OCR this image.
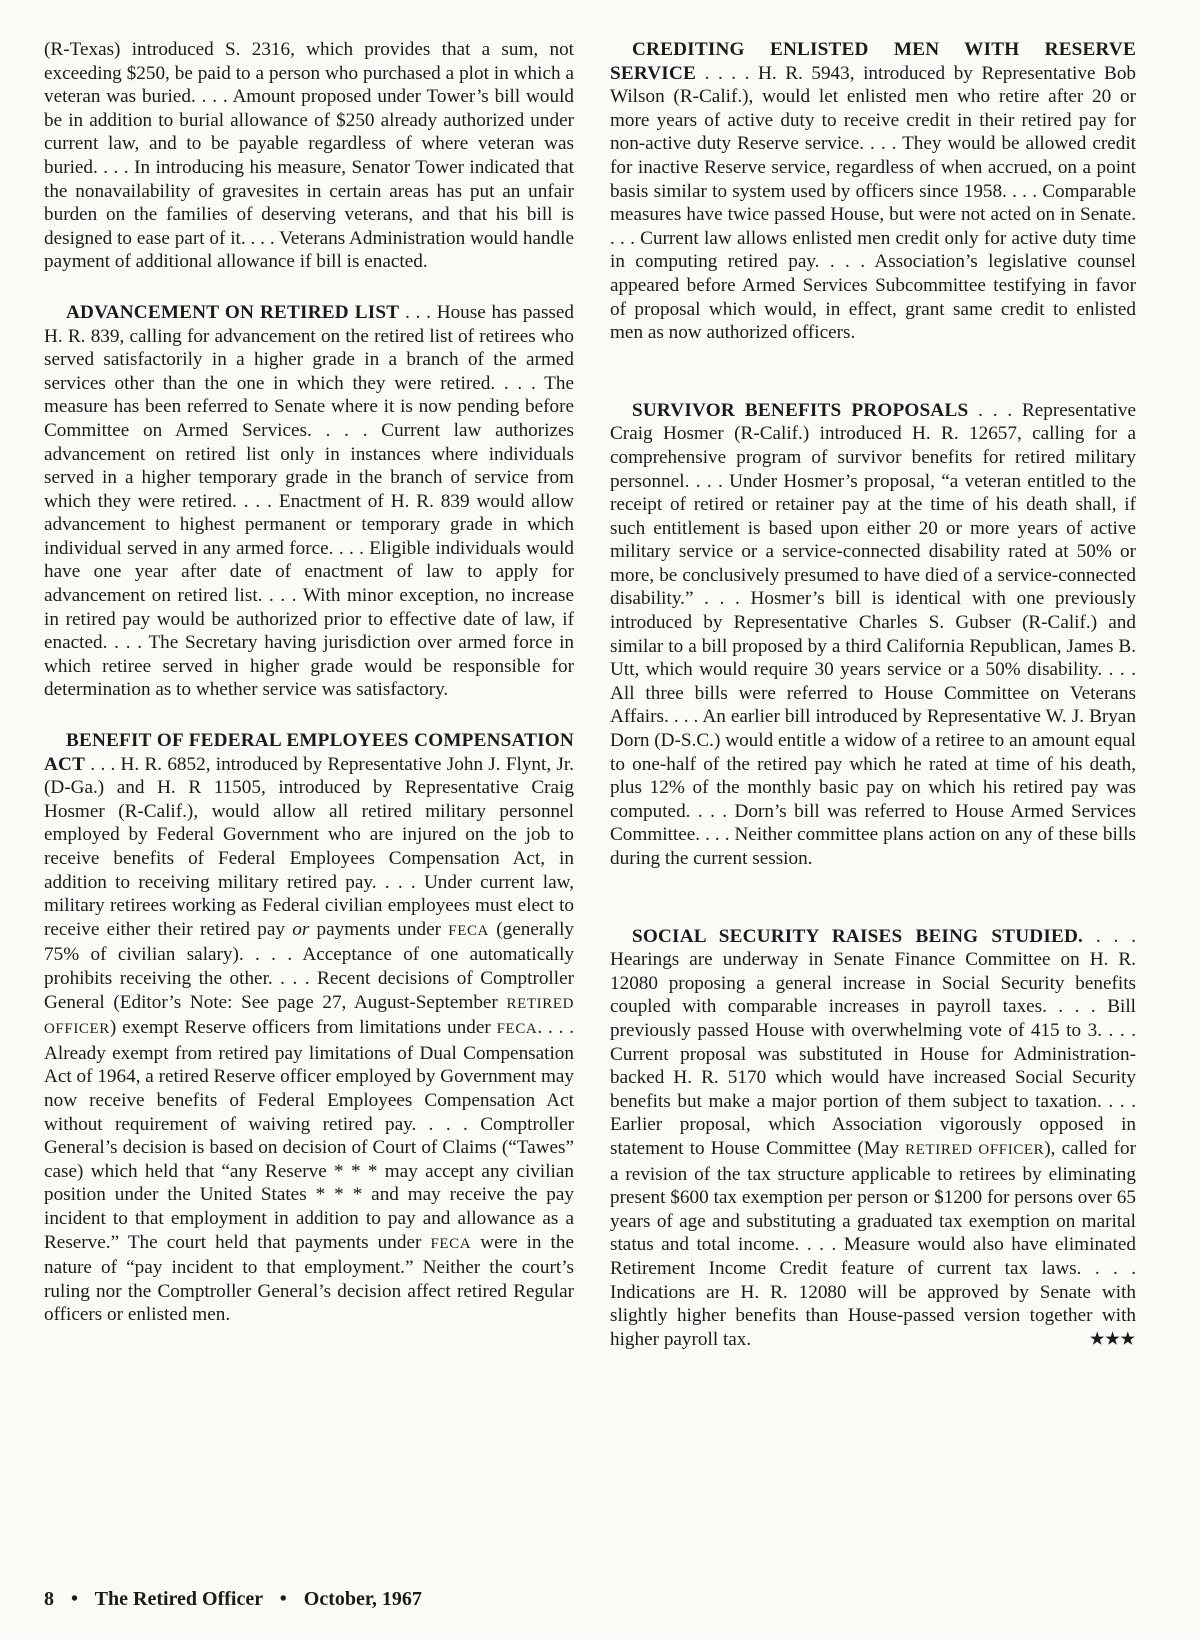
(R-Texas) introduced S. 2316, which provides that a sum, not exceeding $250, be paid to a person who purchased a plot in which a veteran was buried. . . . Amount proposed under Tower’s bill would be in addition to burial allowance of $250 already authorized under current law, and to be payable regardless of where veteran was buried. . . . In introducing his measure, Senator Tower indicated that the nonavailability of gravesites in certain areas has put an unfair burden on the families of deserving veterans, and that his bill is designed to ease part of it. . . . Veterans Administration would handle payment of additional allowance if bill is enacted.

ADVANCEMENT ON RETIRED LIST . . . House has passed H. R. 839, calling for advancement on the retired list of retirees who served satisfactorily in a higher grade in a branch of the armed services other than the one in which they were retired. . . . The measure has been referred to Senate where it is now pending before Committee on Armed Services. . . . Current law authorizes advancement on retired list only in instances where individuals served in a higher temporary grade in the branch of service from which they were retired. . . . Enactment of H. R. 839 would allow advancement to highest permanent or temporary grade in which individual served in any armed force. . . . Eligible individuals would have one year after date of enactment of law to apply for advancement on retired list. . . . With minor exception, no increase in retired pay would be authorized prior to effective date of law, if enacted. . . . The Secretary having jurisdiction over armed force in which retiree served in higher grade would be responsible for determination as to whether service was satisfactory.

BENEFIT OF FEDERAL EMPLOYEES COMPENSATION ACT . . . H. R. 6852, introduced by Representative John J. Flynt, Jr. (D-Ga.) and H. R 11505, introduced by Representative Craig Hosmer (R-Calif.), would allow all retired military personnel employed by Federal Government who are injured on the job to receive benefits of Federal Employees Compensation Act, in addition to receiving military retired pay. . . . Under current law, military retirees working as Federal civilian employees must elect to receive either their retired pay or payments under FECA (generally 75% of civilian salary). . . . Acceptance of one automatically prohibits receiving the other. . . . Recent decisions of Comptroller General (Editor’s Note: See page 27, August-September RETIRED OFFICER) exempt Reserve officers from limitations under FECA. . . . Already exempt from retired pay limitations of Dual Compensation Act of 1964, a retired Reserve officer employed by Government may now receive benefits of Federal Employees Compensation Act without requirement of waiving retired pay. . . . Comptroller General’s decision is based on decision of Court of Claims (“Tawes” case) which held that “any Reserve * * * may accept any civilian position under the United States * * * and may receive the pay incident to that employment in addition to pay and allowance as a Reserve.” The court held that payments under FECA were in the nature of “pay incident to that employment.” Neither the court’s ruling nor the Comptroller General’s decision affect retired Regular officers or enlisted men.

CREDITING ENLISTED MEN WITH RESERVE SERVICE . . . . H. R. 5943, introduced by Representative Bob Wilson (R-Calif.), would let enlisted men who retire after 20 or more years of active duty to receive credit in their retired pay for non-active duty Reserve service. . . . They would be allowed credit for inactive Reserve service, regardless of when accrued, on a point basis similar to system used by officers since 1958. . . . Comparable measures have twice passed House, but were not acted on in Senate. . . . Current law allows enlisted men credit only for active duty time in computing retired pay. . . . Association’s legislative counsel appeared before Armed Services Subcommittee testifying in favor of proposal which would, in effect, grant same credit to enlisted men as now authorized officers.

SURVIVOR BENEFITS PROPOSALS . . . Representative Craig Hosmer (R-Calif.) introduced H. R. 12657, calling for a comprehensive program of survivor benefits for retired military personnel. . . . Under Hosmer’s proposal, “a veteran entitled to the receipt of retired or retainer pay at the time of his death shall, if such entitlement is based upon either 20 or more years of active military service or a service-connected disability rated at 50% or more, be conclusively presumed to have died of a service-connected disability.” . . . Hosmer’s bill is identical with one previously introduced by Representative Charles S. Gubser (R-Calif.) and similar to a bill proposed by a third California Republican, James B. Utt, which would require 30 years service or a 50% disability. . . . All three bills were referred to House Committee on Veterans Affairs. . . . An earlier bill introduced by Representative W. J. Bryan Dorn (D-S.C.) would entitle a widow of a retiree to an amount equal to one-half of the retired pay which he rated at time of his death, plus 12% of the monthly basic pay on which his retired pay was computed. . . . Dorn’s bill was referred to House Armed Services Committee. . . . Neither committee plans action on any of these bills during the current session.

SOCIAL SECURITY RAISES BEING STUDIED. . . . Hearings are underway in Senate Finance Committee on H. R. 12080 proposing a general increase in Social Security benefits coupled with comparable increases in payroll taxes. . . . Bill previously passed House with overwhelming vote of 415 to 3. . . . Current proposal was substituted in House for Administration-backed H. R. 5170 which would have increased Social Security benefits but make a major portion of them subject to taxation. . . . Earlier proposal, which Association vigorously opposed in statement to House Committee (May RETIRED OFFICER), called for a revision of the tax structure applicable to retirees by eliminating present $600 tax exemption per person or $1200 for persons over 65 years of age and substituting a graduated tax exemption on marital status and total income. . . . Measure would also have eliminated Retirement Income Credit feature of current tax laws. . . . Indications are H. R. 12080 will be approved by Senate with slightly higher benefits than House-passed version together with higher payroll tax.	★★★

8 • The Retired Officer • October, 1967
